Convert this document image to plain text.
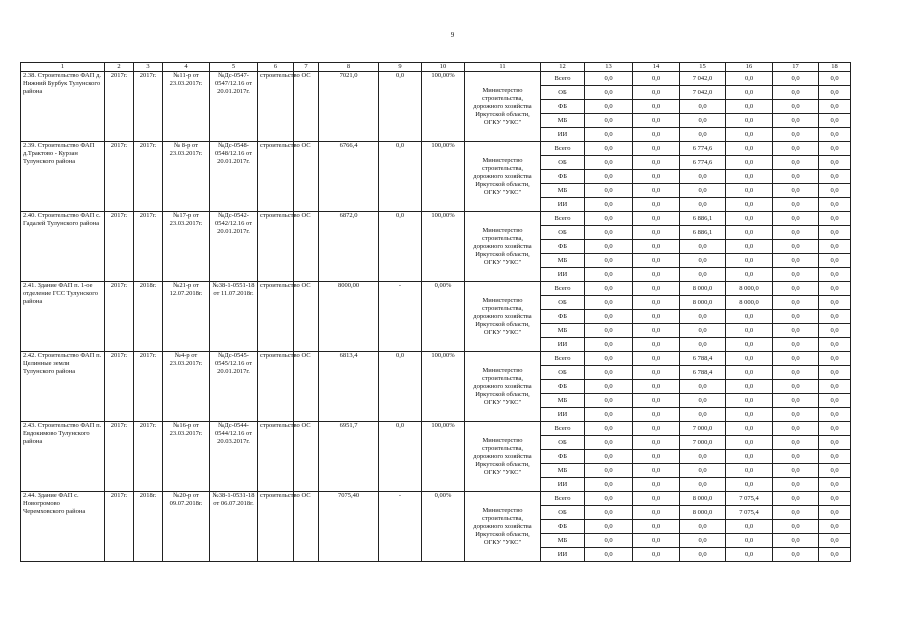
9
1	2	3	4	5	6	7	8	9	10	11	12	13	14	15	16	17	18
2.38. Строительство ФАП д. Нижний Бурбук Тулунского района	2017г.	2017г.	№11-р от 23.03.2017г.	№Дс-0547-0547/12.16 от 20.01.2017г.	строительство	ОС	7021,0	0,0	100,00%	Министерство строительства, дорожного хозяйства Иркутской области, ОГКУ "УКС"	Всего	0,0	0,0	7 042,0	0,0	0,0	0,0
											ОБ	0,0	0,0	7 042,0	0,0	0,0	0,0
											ФБ	0,0	0,0	0,0	0,0	0,0	0,0
											МБ	0,0	0,0	0,0	0,0	0,0	0,0
											ИИ	0,0	0,0	0,0	0,0	0,0	0,0
2.39. Строительство ФАП д.Трактово - Курзан Тулунского района	2017г.	2017г.	№ 8-р от 23.03.2017г.	№Дс-0548-0548/12.16 от 20.01.2017г.	строительство	ОС	6766,4	0,0	100,00%	Министерство строительства, дорожного хозяйства Иркутской области, ОГКУ "УКС"	Всего	0,0	0,0	6 774,6	0,0	0,0	0,0
											ОБ	0,0	0,0	6 774,6	0,0	0,0	0,0
											ФБ	0,0	0,0	0,0	0,0	0,0	0,0
											МБ	0,0	0,0	0,0	0,0	0,0	0,0
											ИИ	0,0	0,0	0,0	0,0	0,0	0,0
2.40. Строительство ФАП с. Гадалей Тулунского района	2017г.	2017г.	№17-р от 23.03.2017г.	№Дс-0542-0542/12.16 от 20.01.2017г.	строительство	ОС	6872,0	0,0	100,00%	Министерство строительства, дорожного хозяйства Иркутской области, ОГКУ "УКС"	Всего	0,0	0,0	6 886,1	0,0	0,0	0,0
											ОБ	0,0	0,0	6 886,1	0,0	0,0	0,0
											ФБ	0,0	0,0	0,0	0,0	0,0	0,0
											МБ	0,0	0,0	0,0	0,0	0,0	0,0
											ИИ	0,0	0,0	0,0	0,0	0,0	0,0
2.41. Здание ФАП п. 1-ое отделение ГСС Тулунского района	2017г.	2018г.	№21-р от 12.07.2018г.	№38-1-0551-18 от 11.07.2018г.	строительство	ОС	8000,00	-	0,00%	Министерство строительства, дорожного хозяйства Иркутской области, ОГКУ "УКС"	Всего	0,0	0,0	8 000,0	8 000,0	0,0	0,0
											ОБ	0,0	0,0	8 000,0	8 000,0	0,0	0,0
											ФБ	0,0	0,0	0,0	0,0	0,0	0,0
											МБ	0,0	0,0	0,0	0,0	0,0	0,0
											ИИ	0,0	0,0	0,0	0,0	0,0	0,0
2.42. Строительство ФАП п. Целинные земли Тулунского района	2017г.	2017г.	№4-р от 23.03.2017г.	№Дс-0545-0545/12.16 от 20.01.2017г.	строительство	ОС	6813,4	0,0	100,00%	Министерство строительства, дорожного хозяйства Иркутской области, ОГКУ "УКС"	Всего	0,0	0,0	6 788,4	0,0	0,0	0,0
											ОБ	0,0	0,0	6 788,4	0,0	0,0	0,0
											ФБ	0,0	0,0	0,0	0,0	0,0	0,0
											МБ	0,0	0,0	0,0	0,0	0,0	0,0
											ИИ	0,0	0,0	0,0	0,0	0,0	0,0
2.43. Строительство ФАП п. Евдокимово Тулунского района	2017г.	2017г.	№16-р от 23.03.2017г.	№Дс-0544-0544/12.16 от 20.03.2017г.	строительство	ОС	6951,7	0,0	100,00%	Министерство строительства, дорожного хозяйства Иркутской области, ОГКУ "УКС"	Всего	0,0	0,0	7 000,0	0,0	0,0	0,0
											ОБ	0,0	0,0	7 000,0	0,0	0,0	0,0
											ФБ	0,0	0,0	0,0	0,0	0,0	0,0
											МБ	0,0	0,0	0,0	0,0	0,0	0,0
											ИИ	0,0	0,0	0,0	0,0	0,0	0,0
2.44. Здание ФАП с. Новогромово Черемховского района	2017г.	2018г.	№20-р от 09.07.2018г.	№38-1-0531-18 от 06.07.2018г.	строительство	ОС	7075,40	-	0,00%	Министерство строительства, дорожного хозяйства Иркутской области, ОГКУ "УКС"	Всего	0,0	0,0	8 000,0	7 075,4	0,0	0,0
											ОБ	0,0	0,0	8 000,0	7 075,4	0,0	0,0
											ФБ	0,0	0,0	0,0	0,0	0,0	0,0
											МБ	0,0	0,0	0,0	0,0	0,0	0,0
											ИИ	0,0	0,0	0,0	0,0	0,0	0,0
